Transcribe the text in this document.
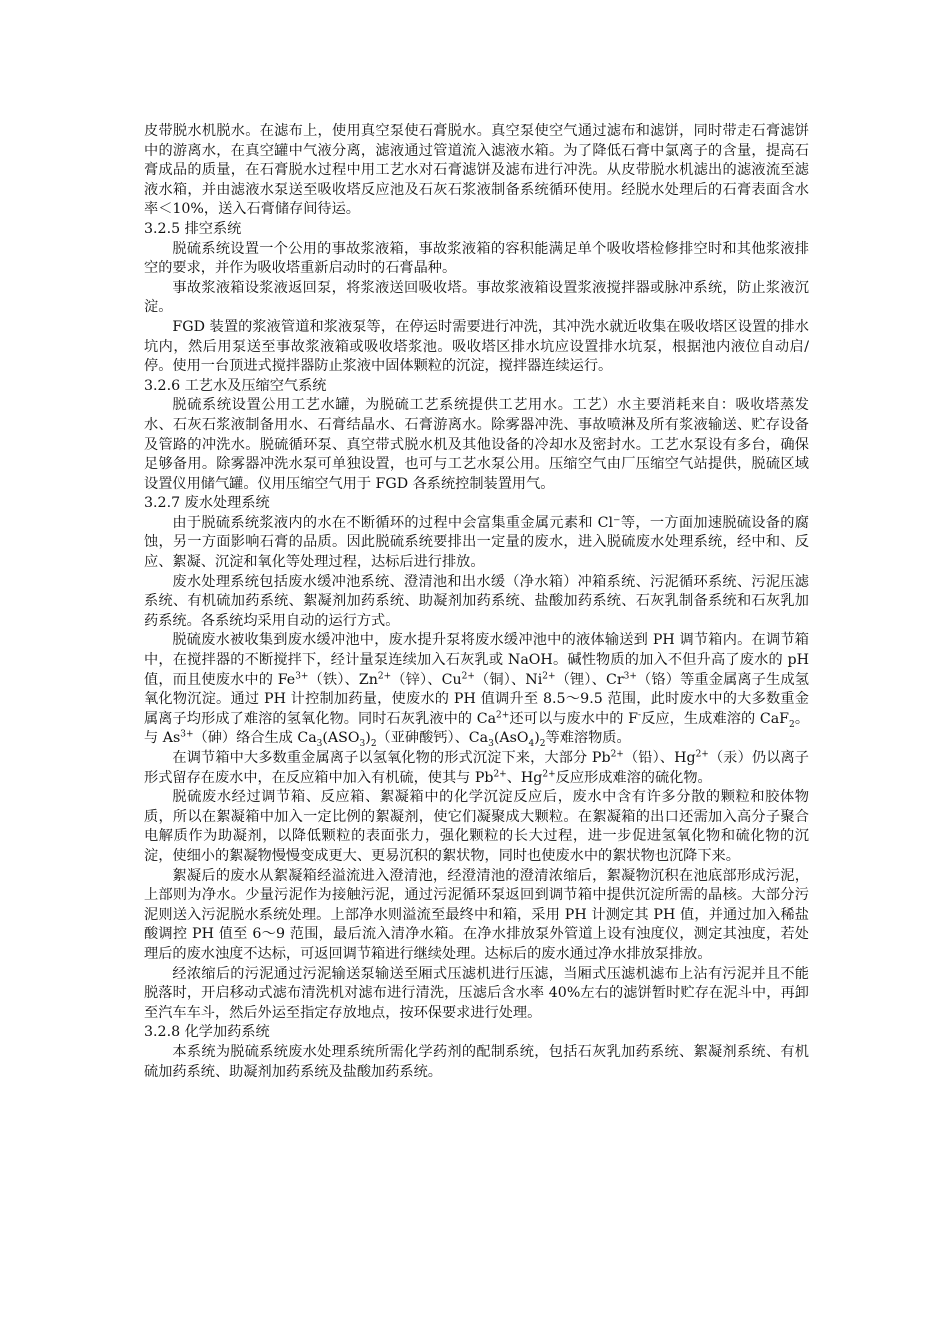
皮带脱水机脱水。在滤布上，使用真空泵使石膏脱水。真空泵使空气通过滤布和滤饼，同时带走石膏滤饼中的游离水，在真空罐中气液分离，滤液通过管道流入滤液水箱。为了降低石膏中氯离子的含量，提高石膏成品的质量，在石膏脱水过程中用工艺水对石膏滤饼及滤布进行冲洗。从皮带脱水机滤出的滤液流至滤液水箱，并由滤液水泵送至吸收塔反应池及石灰石浆液制备系统循环使用。经脱水处理后的石膏表面含水率＜10%，送入石膏储存间待运。

3.2.5 排空系统

脱硫系统设置一个公用的事故浆液箱，事故浆液箱的容积能满足单个吸收塔检修排空时和其他浆液排空的要求，并作为吸收塔重新启动时的石膏晶种。

事故浆液箱设浆液返回泵，将浆液送回吸收塔。事故浆液箱设置浆液搅拌器或脉冲系统，防止浆液沉淀。

FGD 装置的浆液管道和浆液泵等，在停运时需要进行冲洗，其冲洗水就近收集在吸收塔区设置的排水坑内，然后用泵送至事故浆液箱或吸收塔浆池。吸收塔区排水坑应设置排水坑泵，根据池内液位自动启/停。使用一台顶进式搅拌器防止浆液中固体颗粒的沉淀，搅拌器连续运行。

3.2.6 工艺水及压缩空气系统

脱硫系统设置公用工艺水罐，为脱硫工艺系统提供工艺用水。工艺）水主要消耗来自：吸收塔蒸发水、石灰石浆液制备用水、石膏结晶水、石膏游离水。除雾器冲洗、事故喷淋及所有浆液输送、贮存设备及管路的冲洗水。脱硫循环泵、真空带式脱水机及其他设备的冷却水及密封水。工艺水泵设有多台，确保足够备用。除雾器冲洗水泵可单独设置，也可与工艺水泵公用。压缩空气由厂压缩空气站提供，脱硫区域设置仪用储气罐。仪用压缩空气用于 FGD 各系统控制装置用气。

3.2.7 废水处理系统

由于脱硫系统浆液内的水在不断循环的过程中会富集重金属元素和 Cl⁻等，一方面加速脱硫设备的腐蚀，另一方面影响石膏的品质。因此脱硫系统要排出一定量的废水，进入脱硫废水处理系统，经中和、反应、絮凝、沉淀和氧化等处理过程，达标后进行排放。

废水处理系统包括废水缓冲池系统、澄清池和出水缓（净水箱）冲箱系统、污泥循环系统、污泥压滤系统、有机硫加药系统、絮凝剂加药系统、助凝剂加药系统、盐酸加药系统、石灰乳制备系统和石灰乳加药系统。各系统均采用自动的运行方式。

脱硫废水被收集到废水缓冲池中，废水提升泵将废水缓冲池中的液体输送到 PH 调节箱内。在调节箱中，在搅拌器的不断搅拌下，经计量泵连续加入石灰乳或 NaOH。碱性物质的加入不但升高了废水的 pH 值，而且使废水中的 $Fe^{3+}$（铁）、$Zn^{2+}$（锌）、$Cu^{2+}$（铜）、$Ni^{2+}$（锂）、$Cr^{3+}$（铬）等重金属离子生成氢氧化物沉淀。通过 PH 计控制加药量，使废水的 PH 值调升至 8.5～9.5 范围，此时废水中的大多数重金属离子均形成了难溶的氢氧化物。同时石灰乳液中的 $Ca^{2+}$还可以与废水中的 F-反应，生成难溶的 CaF$_2$。与 $As^{3+}$（砷）络合生成 $Ca_3(ASO_3)_2$（亚砷酸钙）、$Ca_3(AsO_4)_2$等难溶物质。

在调节箱中大多数重金属离子以氢氧化物的形式沉淀下来，大部分 $Pb^{2+}$（铅）、$Hg^{2+}$（汞）仍以离子形式留存在废水中，在反应箱中加入有机硫，使其与 $Pb^{2+}$、$Hg^{2+}$反应形成难溶的硫化物。

脱硫废水经过调节箱、反应箱、絮凝箱中的化学沉淀反应后，废水中含有许多分散的颗粒和胶体物质，所以在絮凝箱中加入一定比例的絮凝剂，使它们凝聚成大颗粒。在絮凝箱的出口还需加入高分子聚合电解质作为助凝剂，以降低颗粒的表面张力，强化颗粒的长大过程，进一步促进氢氧化物和硫化物的沉淀，使细小的絮凝物慢慢变成更大、更易沉积的絮状物，同时也使废水中的絮状物也沉降下来。

絮凝后的废水从絮凝箱经溢流进入澄清池，经澄清池的澄清浓缩后，絮凝物沉积在池底部形成污泥，上部则为净水。少量污泥作为接触污泥，通过污泥循环泵返回到调节箱中提供沉淀所需的晶核。大部分污泥则送入污泥脱水系统处理。上部净水则溢流至最终中和箱，采用 PH 计测定其 PH 值，并通过加入稀盐酸调控 PH 值至 6～9 范围，最后流入清净水箱。在净水排放泵外管道上设有浊度仪，测定其浊度，若处理后的废水浊度不达标，可返回调节箱进行继续处理。达标后的废水通过净水排放泵排放。

经浓缩后的污泥通过污泥输送泵输送至厢式压滤机进行压滤，当厢式压滤机滤布上沾有污泥并且不能脱落时，开启移动式滤布清洗机对滤布进行清洗，压滤后含水率 40%左右的滤饼暂时贮存在泥斗中，再卸至汽车车斗，然后外运至指定存放地点，按环保要求进行处理。

3.2.8 化学加药系统

本系统为脱硫系统废水处理系统所需化学药剂的配制系统，包括石灰乳加药系统、絮凝剂系统、有机硫加药系统、助凝剂加药系统及盐酸加药系统。
